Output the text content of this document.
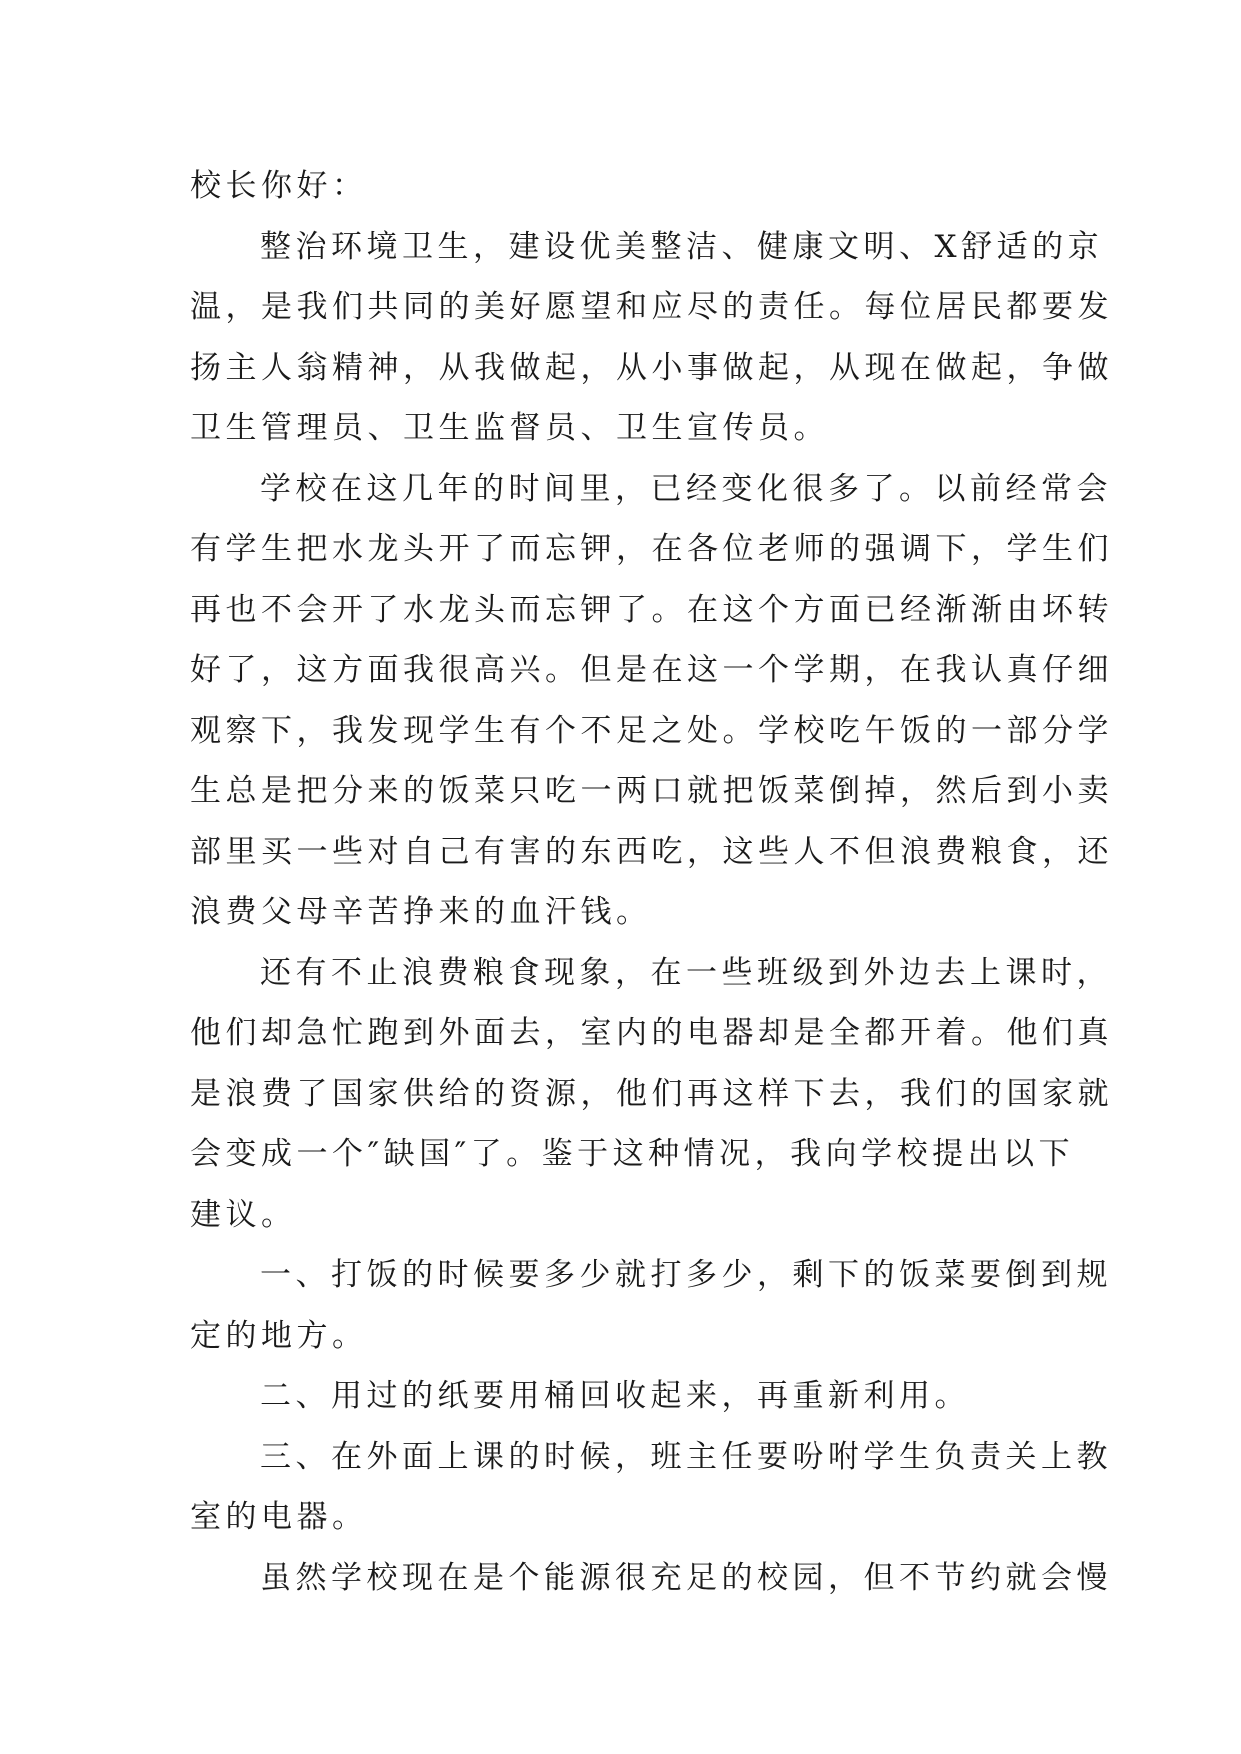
校长你好：
整治环境卫生，建设优美整洁、健康文明、X舒适的京
温，是我们共同的美好愿望和应尽的责任。每位居民都要发
扬主人翁精神，从我做起，从小事做起，从现在做起，争做
卫生管理员、卫生监督员、卫生宣传员。
学校在这几年的时间里，已经变化很多了。以前经常会
有学生把水龙头开了而忘钾，在各位老师的强调下，学生们
再也不会开了水龙头而忘钾了。在这个方面已经渐渐由坏转
好了，这方面我很高兴。但是在这一个学期，在我认真仔细
观察下，我发现学生有个不足之处。学校吃午饭的一部分学
生总是把分来的饭菜只吃一两口就把饭菜倒掉，然后到小卖
部里买一些对自己有害的东西吃，这些人不但浪费粮食，还
浪费父母辛苦挣来的血汗钱。
还有不止浪费粮食现象，在一些班级到外边去上课时，
他们却急忙跑到外面去，室内的电器却是全都开着。他们真
是浪费了国家供给的资源，他们再这样下去，我们的国家就
会变成一个″缺国″了。鉴于这种情况，我向学校提出以下
建议。
一、打饭的时候要多少就打多少，剩下的饭菜要倒到规
定的地方。
二、用过的纸要用桶回收起来，再重新利用。
三、在外面上课的时候，班主任要吩咐学生负责关上教
室的电器。
虽然学校现在是个能源很充足的校园，但不节约就会慢
